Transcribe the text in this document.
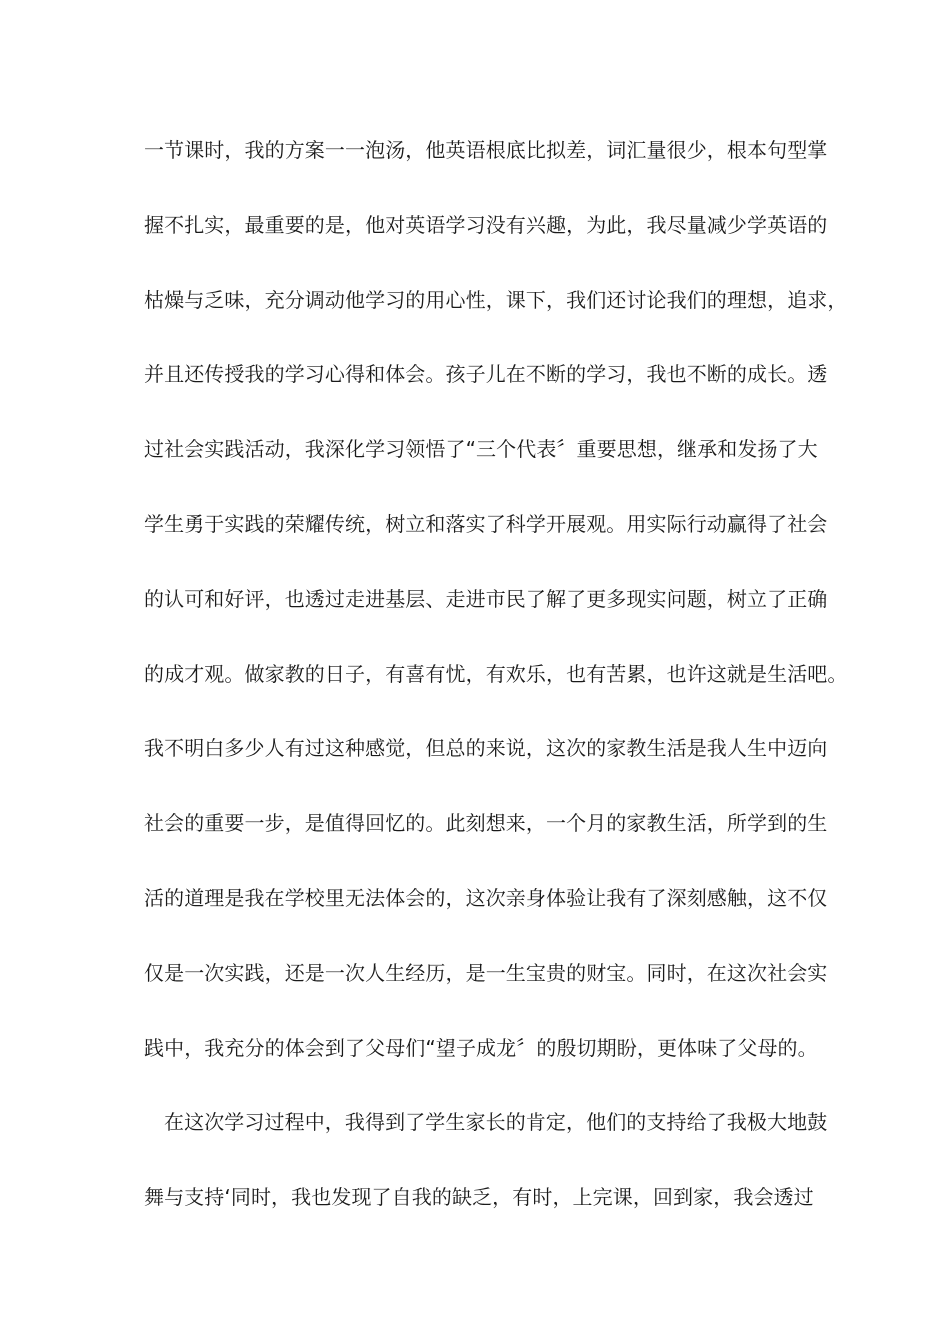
一节课时，我的方案一一泡汤，他英语根底比拟差，词汇量很少，根本句型掌
握不扎实，最重要的是，他对英语学习没有兴趣，为此，我尽量减少学英语的
枯燥与乏味，充分调动他学习的用心性，课下，我们还讨论我们的理想，追求，
并且还传授我的学习心得和体会。孩子儿在不断的学习，我也不断的成长。透
过社会实践活动，我深化学习领悟了“三个代表〞重要思想，继承和发扬了大
学生勇于实践的荣耀传统，树立和落实了科学开展观。用实际行动赢得了社会
的认可和好评，也透过走进基层、走进市民了解了更多现实问题，树立了正确
的成才观。做家教的日子，有喜有忧，有欢乐，也有苦累，也许这就是生活吧。
我不明白多少人有过这种感觉，但总的来说，这次的家教生活是我人生中迈向
社会的重要一步，是值得回忆的。此刻想来，一个月的家教生活，所学到的生
活的道理是我在学校里无法体会的，这次亲身体验让我有了深刻感触，这不仅
仅是一次实践，还是一次人生经历，是一生宝贵的财宝。同时，在这次社会实
践中，我充分的体会到了父母们“望子成龙〞的殷切期盼，更体味了父母的。
在这次学习过程中，我得到了学生家长的肯定，他们的支持给了我极大地鼓
舞与支持‘同时，我也发现了自我的缺乏，有时，上完课，回到家，我会透过
